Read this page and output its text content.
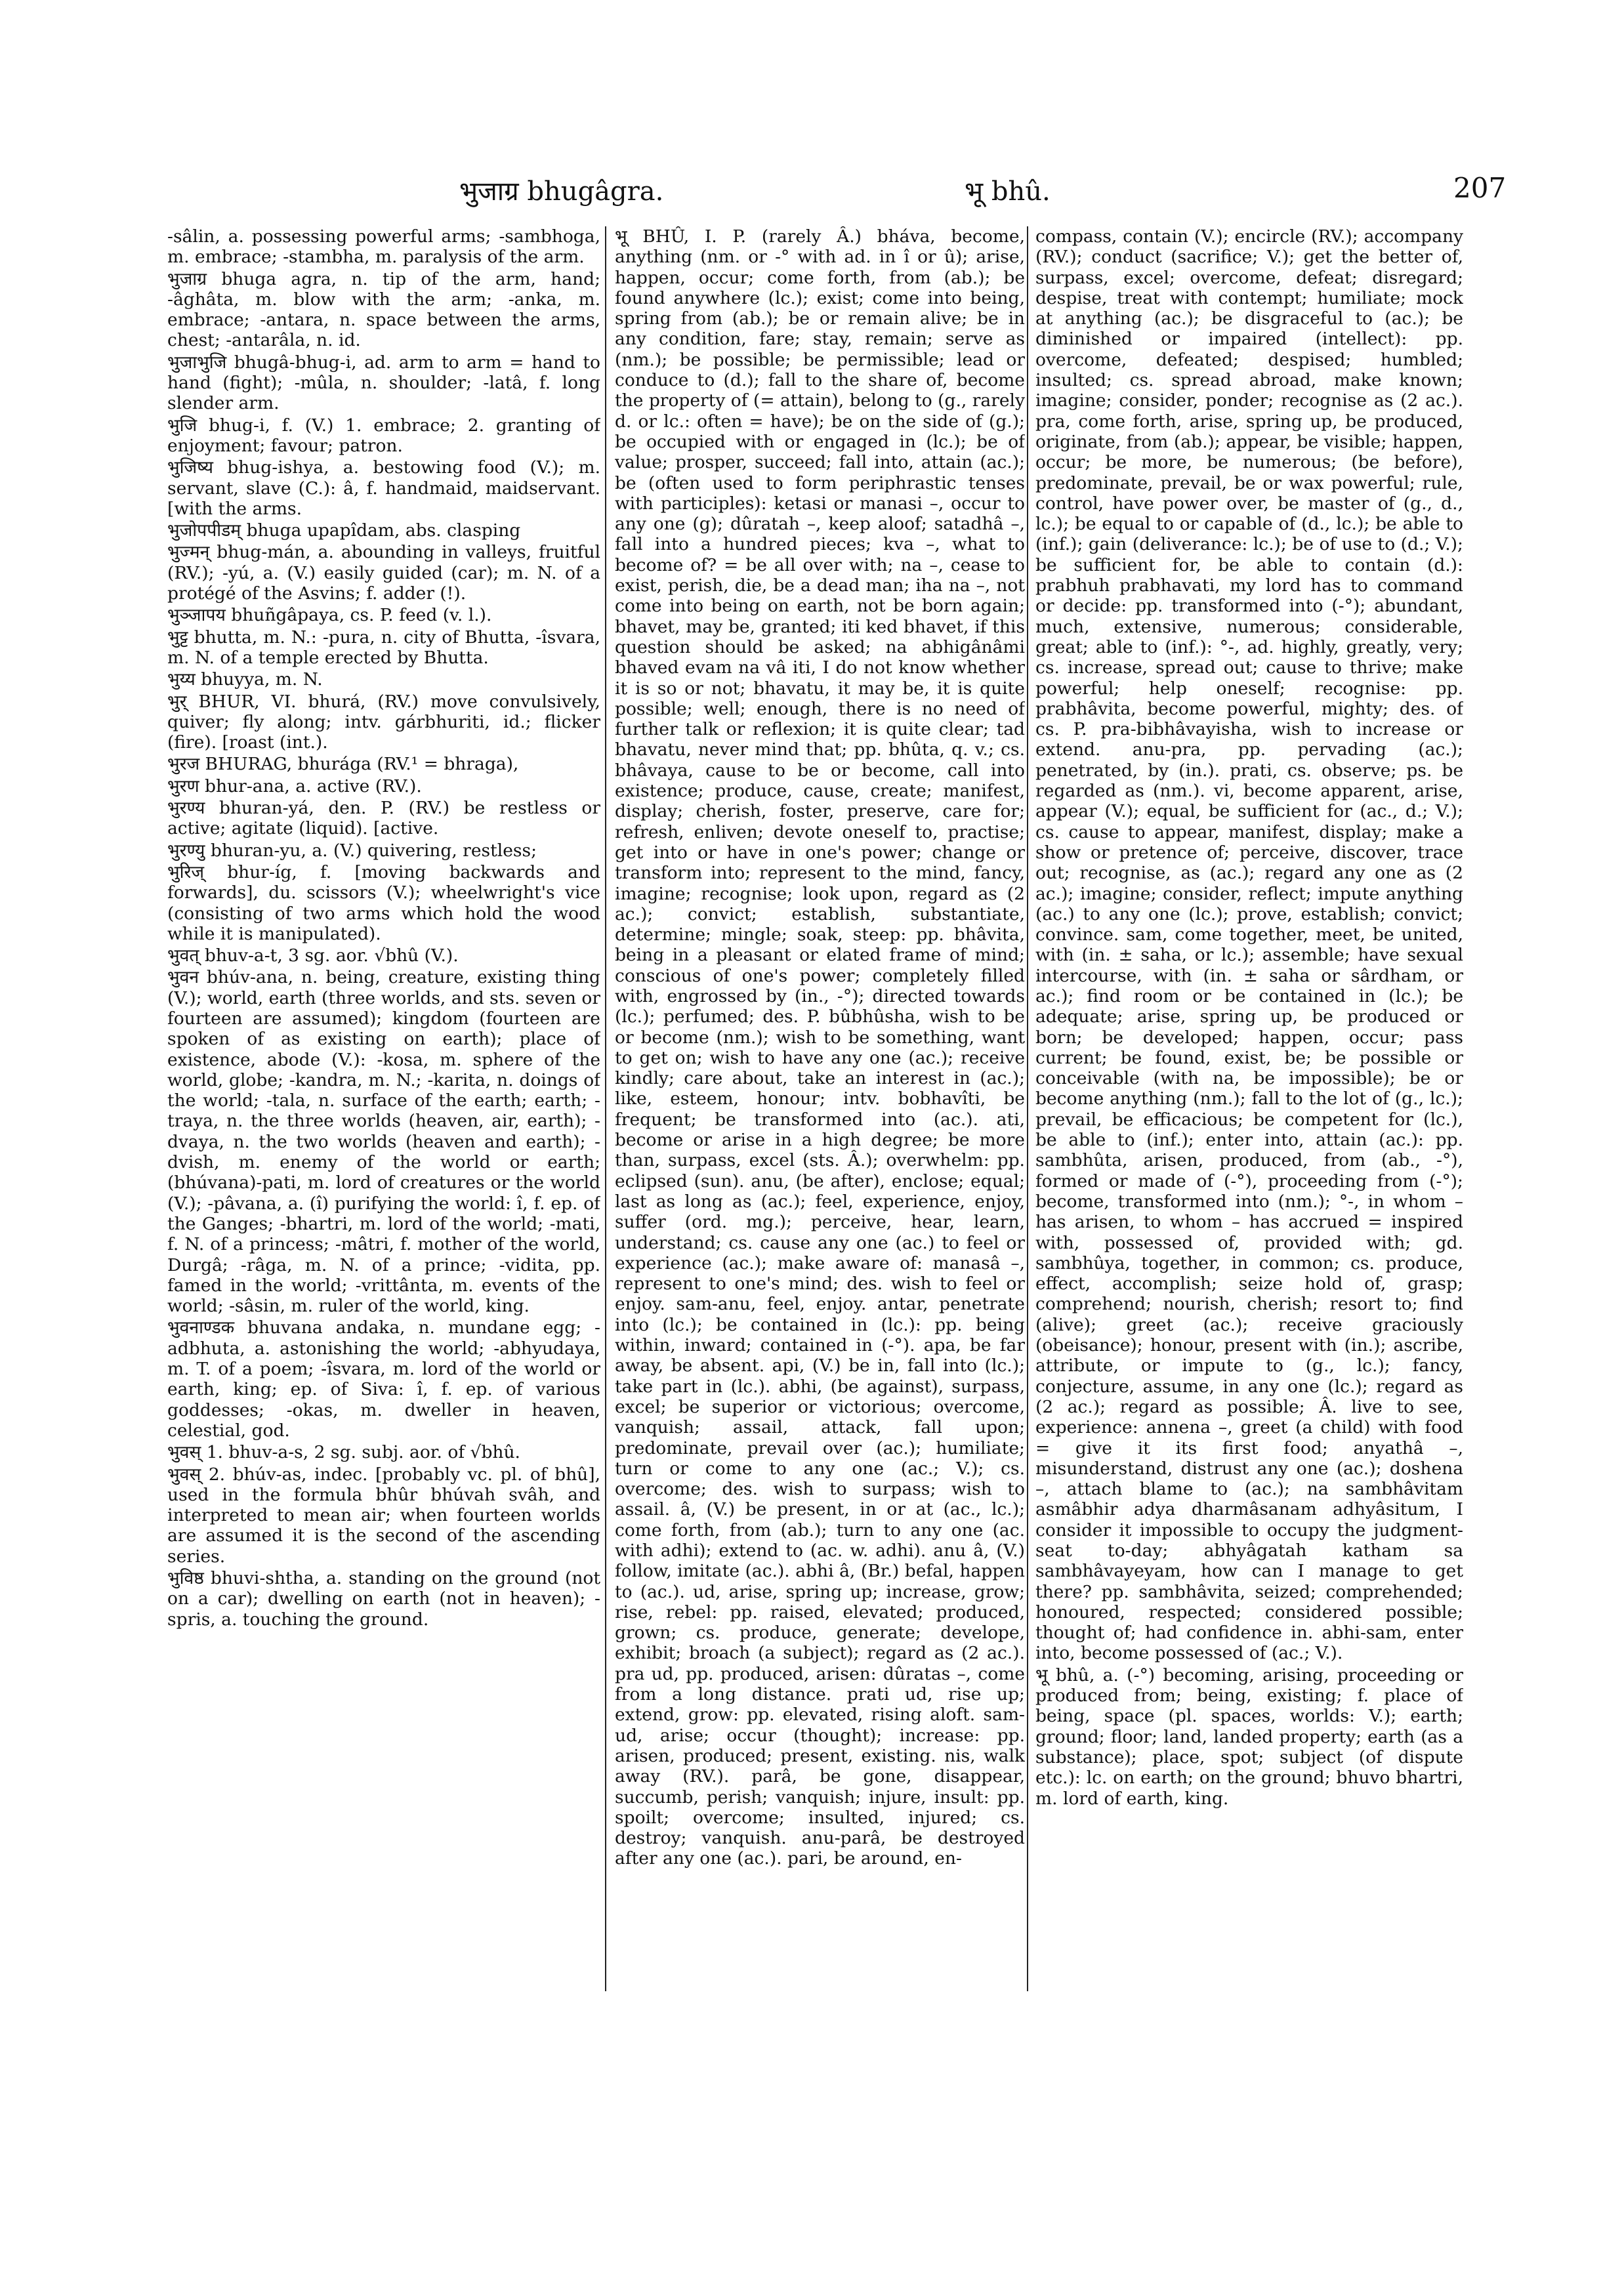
भुजाग्र bhugâgra.	भू bhû.	207
-sâlin, a. possessing powerful arms; -sambhoga, m. embrace; -stambha, m. paralysis of the arm.
भुजाग्र bhuga agra, n. tip of the arm, hand; -âghâta, m. blow with the arm; -anka, m. embrace; -antara, n. space between the arms, chest; -antarâla, n. id.
भुजाभुजि bhugâ-bhug-i, ad. arm to arm = hand to hand (fight); -mûla, n. shoulder; -latâ, f. long slender arm.
भुजि bhug-i, f. (V.) 1. embrace; 2. granting of enjoyment; favour; patron.
भुजिष्य bhug-ishya, a. bestowing food (V.); m. servant, slave (C.): â, f. handmaid, maidservant. [with the arms.
भुजोपपीडम् bhuga upapîdam, abs. clasping
भुज्मन् bhug-mán, a. abounding in valleys, fruitful (RV.); -yú, a. (V.) easily guided (car); m. N. of a protégé of the Asvins; f. adder (!).
भुञ्जापय bhuñgâpaya, cs. P. feed (v. l.).
भुट्ट bhutta, m. N.: -pura, n. city of Bhutta, -îsvara, m. N. of a temple erected by Bhutta.
भुय्य bhuyya, m. N.
भुर् BHUR, VI. bhurá, (RV.) move convulsively, quiver; fly along; intv. gárbhuriti, id.; flicker (fire). [roast (int.).
भुरज BHURAG, bhurága (RV.¹ = bhraga),
भुरण bhur-ana, a. active (RV.).
भुरण्य bhuran-yá, den. P. (RV.) be restless or active; agitate (liquid). [active.
भुरण्यु bhuran-yu, a. (V.) quivering, restless;
भुरिज् bhur-íg, f. [moving backwards and forwards], du. scissors (V.); wheelwright's vice (consisting of two arms which hold the wood while it is manipulated).
भुवत् bhuv-a-t, 3 sg. aor. √bhû (V.).
भुवन bhúv-ana, n. being, creature, existing thing (V.); world, earth (three worlds, and sts. seven or fourteen are assumed); kingdom (fourteen are spoken of as existing on earth); place of existence, abode (V.): -kosa, m. sphere of the world, globe; -kandra, m. N.; -karita, n. doings of the world; -tala, n. surface of the earth; earth; -traya, n. the three worlds (heaven, air, earth); -dvaya, n. the two worlds (heaven and earth); -dvish, m. enemy of the world or earth; (bhúvana)-pati, m. lord of creatures or the world (V.); -pâvana, a. (î) purifying the world: î, f. ep. of the Ganges; -bhartri, m. lord of the world; -mati, f. N. of a princess; -mâtri, f. mother of the world, Durgâ; -râga, m. N. of a prince; -vidita, pp. famed in the world; -vrittânta, m. events of the world; -sâsin, m. ruler of the world, king.
भुवनाण्डक bhuvana andaka, n. mundane egg; -adbhuta, a. astonishing the world; -abhyudaya, m. T. of a poem; -îsvara, m. lord of the world or earth, king; ep. of Siva: î, f. ep. of various goddesses; -okas, m. dweller in heaven, celestial, god.
भुवस् 1. bhuv-a-s, 2 sg. subj. aor. of √bhû.
भुवस् 2. bhúv-as, indec. [probably vc. pl. of bhû], used in the formula bhûr bhúvah svâh, and interpreted to mean air; when fourteen worlds are assumed it is the second of the ascending series.
भुविष्ठ bhuvi-shtha, a. standing on the ground (not on a car); dwelling on earth (not in heaven); -spris, a. touching the ground.
भू BHÛ, I. P. (rarely Â.) bháva, become, anything (nm. or -° with ad. in î or û); arise, happen, occur; come forth, from (ab.); be found anywhere (lc.); exist; come into being, spring from (ab.); be or remain alive; be in any condition, fare; stay, remain; serve as (nm.); be possible; be permissible; lead or conduce to (d.); fall to the share of, become the property of (= attain), belong to (g., rarely d. or lc.: often = have); be on the side of (g.); be occupied with or engaged in (lc.); be of value; prosper, succeed; fall into, attain (ac.); be (often used to form periphrastic tenses with participles): ketasi or manasi –, occur to any one (g); dûratah –, keep aloof; satadhâ –, fall into a hundred pieces; kva –, what to become of? = be all over with; na –, cease to exist, perish, die, be a dead man; iha na –, not come into being on earth, not be born again; bhavet, may be, granted; iti ked bhavet, if this question should be asked; na abhigânâmi bhaved evam na vâ iti, I do not know whether it is so or not; bhavatu, it may be, it is quite possible; well; enough, there is no need of further talk or reflexion; it is quite clear; tad bhavatu, never mind that; pp. bhûta, q. v.; cs. bhâvaya, cause to be or become, call into existence; produce, cause, create; manifest, display; cherish, foster, preserve, care for; refresh, enliven; devote oneself to, practise; get into or have in one's power; change or transform into; represent to the mind, fancy, imagine; recognise; look upon, regard as (2 ac.); convict; establish, substantiate, determine; mingle; soak, steep: pp. bhâvita, being in a pleasant or elated frame of mind; conscious of one's power; completely filled with, engrossed by (in., -°); directed towards (lc.); perfumed; des. P. bûbhûsha, wish to be or become (nm.); wish to be something, want to get on; wish to have any one (ac.); receive kindly; care about, take an interest in (ac.); like, esteem, honour; intv. bobhavîti, be frequent; be transformed into (ac.). ati, become or arise in a high degree; be more than, surpass, excel (sts. Â.); overwhelm: pp. eclipsed (sun). anu, (be after), enclose; equal; last as long as (ac.); feel, experience, enjoy, suffer (ord. mg.); perceive, hear, learn, understand; cs. cause any one (ac.) to feel or experience (ac.); make aware of: manasâ –, represent to one's mind; des. wish to feel or enjoy. sam-anu, feel, enjoy. antar, penetrate into (lc.); be contained in (lc.): pp. being within, inward; contained in (-°). apa, be far away, be absent. api, (V.) be in, fall into (lc.); take part in (lc.). abhi, (be against), surpass, excel; be superior or victorious; overcome, vanquish; assail, attack, fall upon; predominate, prevail over (ac.); humiliate; turn or come to any one (ac.; V.); cs. overcome; des. wish to surpass; wish to assail. â, (V.) be present, in or at (ac., lc.); come forth, from (ab.); turn to any one (ac. with adhi); extend to (ac. w. adhi). anu â, (V.) follow, imitate (ac.). abhi â, (Br.) befal, happen to (ac.). ud, arise, spring up; increase, grow; rise, rebel: pp. raised, elevated; produced, grown; cs. produce, generate; develope, exhibit; broach (a subject); regard as (2 ac.). pra ud, pp. produced, arisen: dûratas –, come from a long distance. prati ud, rise up; extend, grow: pp. elevated, rising aloft. sam-ud, arise; occur (thought); increase: pp. arisen, produced; present, existing. nis, walk away (RV.). parâ, be gone, disappear, succumb, perish; vanquish; injure, insult: pp. spoilt; overcome; insulted, injured; cs. destroy; vanquish. anu-parâ, be destroyed after any one (ac.). pari, be around, en-
compass, contain (V.); encircle (RV.); accompany (RV.); conduct (sacrifice; V.); get the better of, surpass, excel; overcome, defeat; disregard; despise, treat with contempt; humiliate; mock at anything (ac.); be disgraceful to (ac.); be diminished or impaired (intellect): pp. overcome, defeated; despised; humbled; insulted; cs. spread abroad, make known; imagine; consider, ponder; recognise as (2 ac.). pra, come forth, arise, spring up, be produced, originate, from (ab.); appear, be visible; happen, occur; be more, be numerous; (be before), predominate, prevail, be or wax powerful; rule, control, have power over, be master of (g., d., lc.); be equal to or capable of (d., lc.); be able to (inf.); gain (deliverance: lc.); be of use to (d.; V.); be sufficient for, be able to contain (d.): prabhuh prabhavati, my lord has to command or decide: pp. transformed into (-°); abundant, much, extensive, numerous; considerable, great; able to (inf.): °-, ad. highly, greatly, very; cs. increase, spread out; cause to thrive; make powerful; help oneself; recognise: pp. prabhâvita, become powerful, mighty; des. of cs. P. pra-bibhâvayisha, wish to increase or extend. anu-pra, pp. pervading (ac.); penetrated, by (in.). prati, cs. observe; ps. be regarded as (nm.). vi, become apparent, arise, appear (V.); equal, be sufficient for (ac., d.; V.); cs. cause to appear, manifest, display; make a show or pretence of; perceive, discover, trace out; recognise, as (ac.); regard any one as (2 ac.); imagine; consider, reflect; impute anything (ac.) to any one (lc.); prove, establish; convict; convince. sam, come together, meet, be united, with (in. ± saha, or lc.); assemble; have sexual intercourse, with (in. ± saha or sârdham, or ac.); find room or be contained in (lc.); be adequate; arise, spring up, be produced or born; be developed; happen, occur; pass current; be found, exist, be; be possible or conceivable (with na, be impossible); be or become anything (nm.); fall to the lot of (g., lc.); prevail, be efficacious; be competent for (lc.), be able to (inf.); enter into, attain (ac.): pp. sambhûta, arisen, produced, from (ab., -°), formed or made of (-°), proceeding from (-°); become, transformed into (nm.); °-, in whom – has arisen, to whom – has accrued = inspired with, possessed of, provided with; gd. sambhûya, together, in common; cs. produce, effect, accomplish; seize hold of, grasp; comprehend; nourish, cherish; resort to; find (alive); greet (ac.); receive graciously (obeisance); honour, present with (in.); ascribe, attribute, or impute to (g., lc.); fancy, conjecture, assume, in any one (lc.); regard as (2 ac.); regard as possible; Â. live to see, experience: annena –, greet (a child) with food = give it its first food; anyathâ –, misunderstand, distrust any one (ac.); doshena –, attach blame to (ac.); na sambhâvitam asmâbhir adya dharmâsanam adhyâsitum, I consider it impossible to occupy the judgment-seat to-day; abhyâgatah katham sa sambhâvayeyam, how can I manage to get there? pp. sambhâvita, seized; comprehended; honoured, respected; considered possible; thought of; had confidence in. abhi-sam, enter into, become possessed of (ac.; V.).
भू bhû, a. (-°) becoming, arising, proceeding or produced from; being, existing; f. place of being, space (pl. spaces, worlds: V.); earth; ground; floor; land, landed property; earth (as a substance); place, spot; subject (of dispute etc.): lc. on earth; on the ground; bhuvo bhartri, m. lord of earth, king.
